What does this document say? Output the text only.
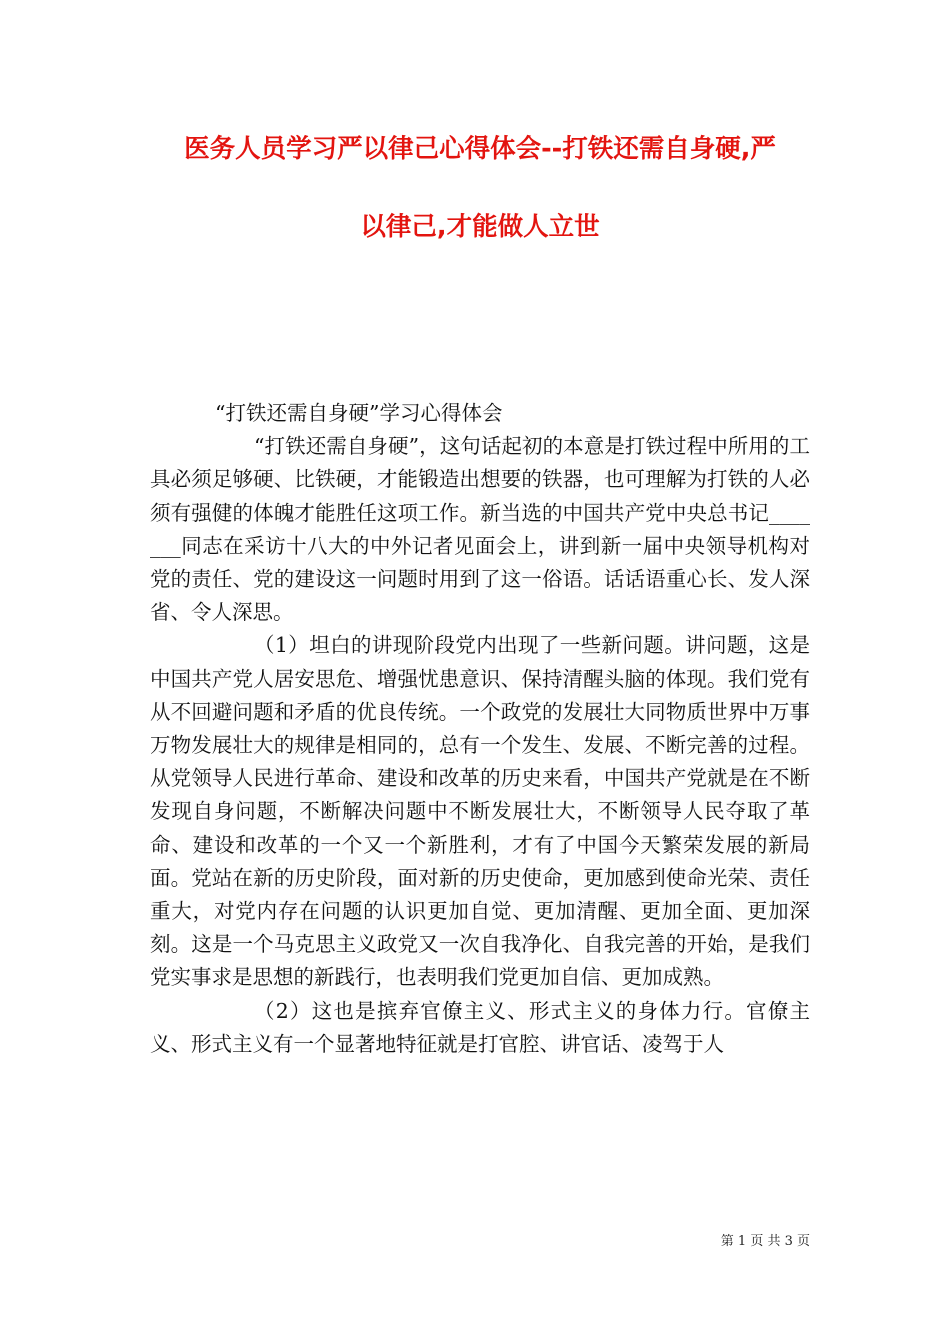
医务人员学习严以律己心得体会--打铁还需自身硬,严
以律己,才能做人立世

“打铁还需自身硬”学习心得体会

“打铁还需自身硬”，这句话起初的本意是打铁过程中所用的工具必须足够硬、比铁硬，才能锻造出想要的铁器，也可理解为打铁的人必须有强健的体魄才能胜任这项工作。新当选的中国共产党中央总书记_______同志在采访十八大的中外记者见面会上，讲到新一届中央领导机构对党的责任、党的建设这一问题时用到了这一俗语。话话语重心长、发人深省、令人深思。

（1）坦白的讲现阶段党内出现了一些新问题。讲问题，这是中国共产党人居安思危、增强忧患意识、保持清醒头脑的体现。我们党有从不回避问题和矛盾的优良传统。一个政党的发展壮大同物质世界中万事万物发展壮大的规律是相同的，总有一个发生、发展、不断完善的过程。从党领导人民进行革命、建设和改革的历史来看，中国共产党就是在不断发现自身问题，不断解决问题中不断发展壮大，不断领导人民夺取了革命、建设和改革的一个又一个新胜利，才有了中国今天繁荣发展的新局面。党站在新的历史阶段，面对新的历史使命，更加感到使命光荣、责任重大，对党内存在问题的认识更加自觉、更加清醒、更加全面、更加深刻。这是一个马克思主义政党又一次自我净化、自我完善的开始，是我们党实事求是思想的新践行，也表明我们党更加自信、更加成熟。

（2）这也是摈弃官僚主义、形式主义的身体力行。官僚主义、形式主义有一个显著地特征就是打官腔、讲官话、凌驾于人

第 1 页 共 3 页
